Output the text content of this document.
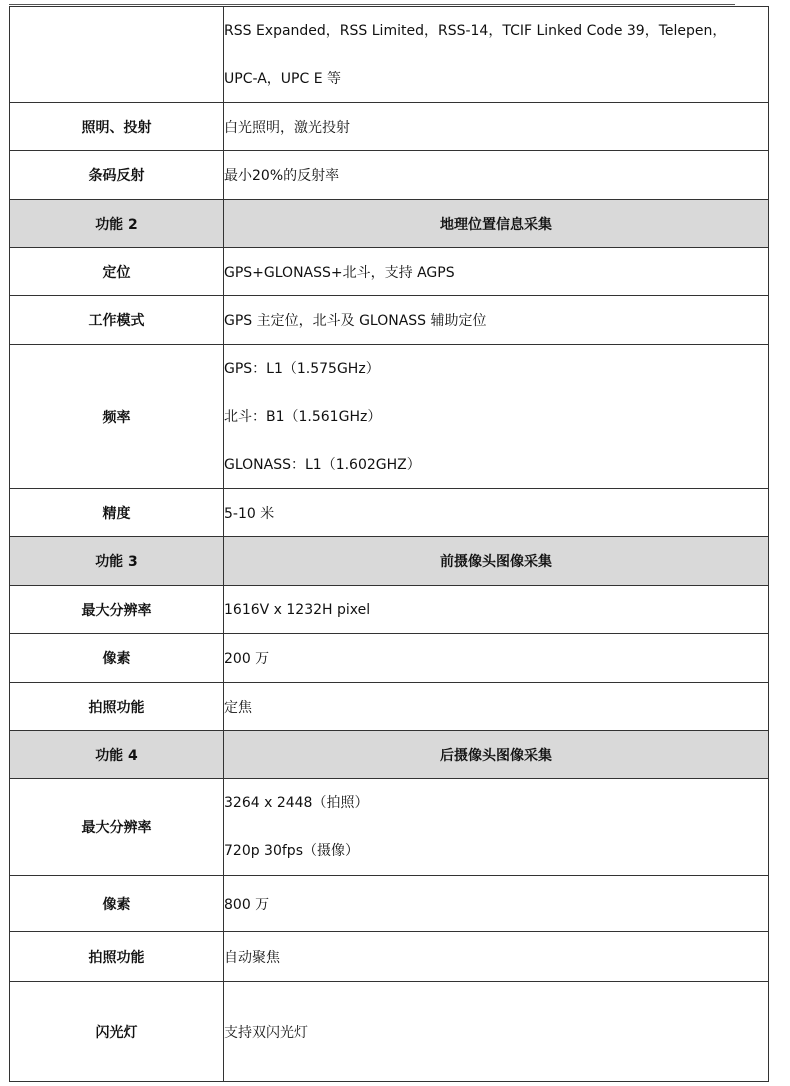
	RSS Expanded，RSS Limited，RSS-14，TCIF Linked Code 39，Telepen，
UPC-A，UPC E 等

照明、投射	白光照明，激光投射
条码反射	最小20%的反射率
功能 2	地理位置信息采集
定位	GPS+GLONASS+北斗，支持 AGPS
工作模式	GPS 主定位，北斗及 GLONASS 辅助定位
频率	GPS：L1（1.575GHz）
北斗：B1（1.561GHz）
GLONASS：L1（1.602GHZ）

精度	5-10 米
功能 3	前摄像头图像采集
最大分辨率	1616V x 1232H pixel
像素	200 万
拍照功能	定焦
功能 4	后摄像头图像采集
最大分辨率	3264 x 2448（拍照）
720p 30fps（摄像）

像素	800 万
拍照功能	自动聚焦
闪光灯	支持双闪光灯
